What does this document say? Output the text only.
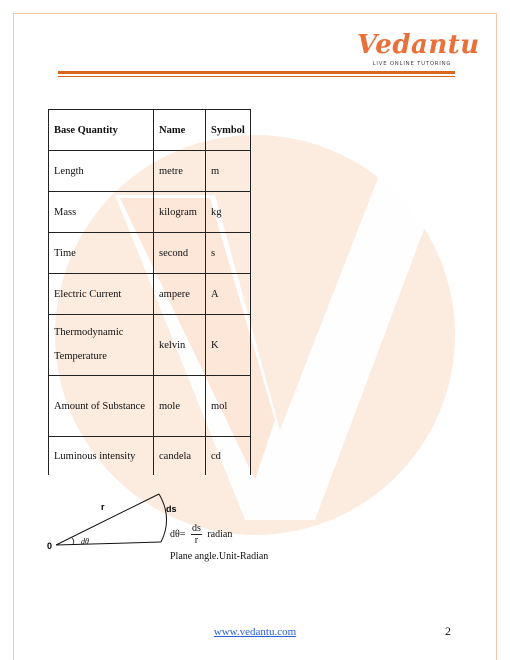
Vedantu
LIVE ONLINE TUTORING
Base Quantity	Name	Symbol
Length	metre	m
Mass	kilogram	kg
Time	second	s
Electric Current	ampere	A

Thermodynamic
Temperature	kelvin	K
Amount of Substance	mole	mol
Luminous intensity	candela	cd
0
r	ds
dθ
$d\theta= \frac{ds}{r}$ radian
Plane angle.Unit-Radian
www.vedantu.com	2
